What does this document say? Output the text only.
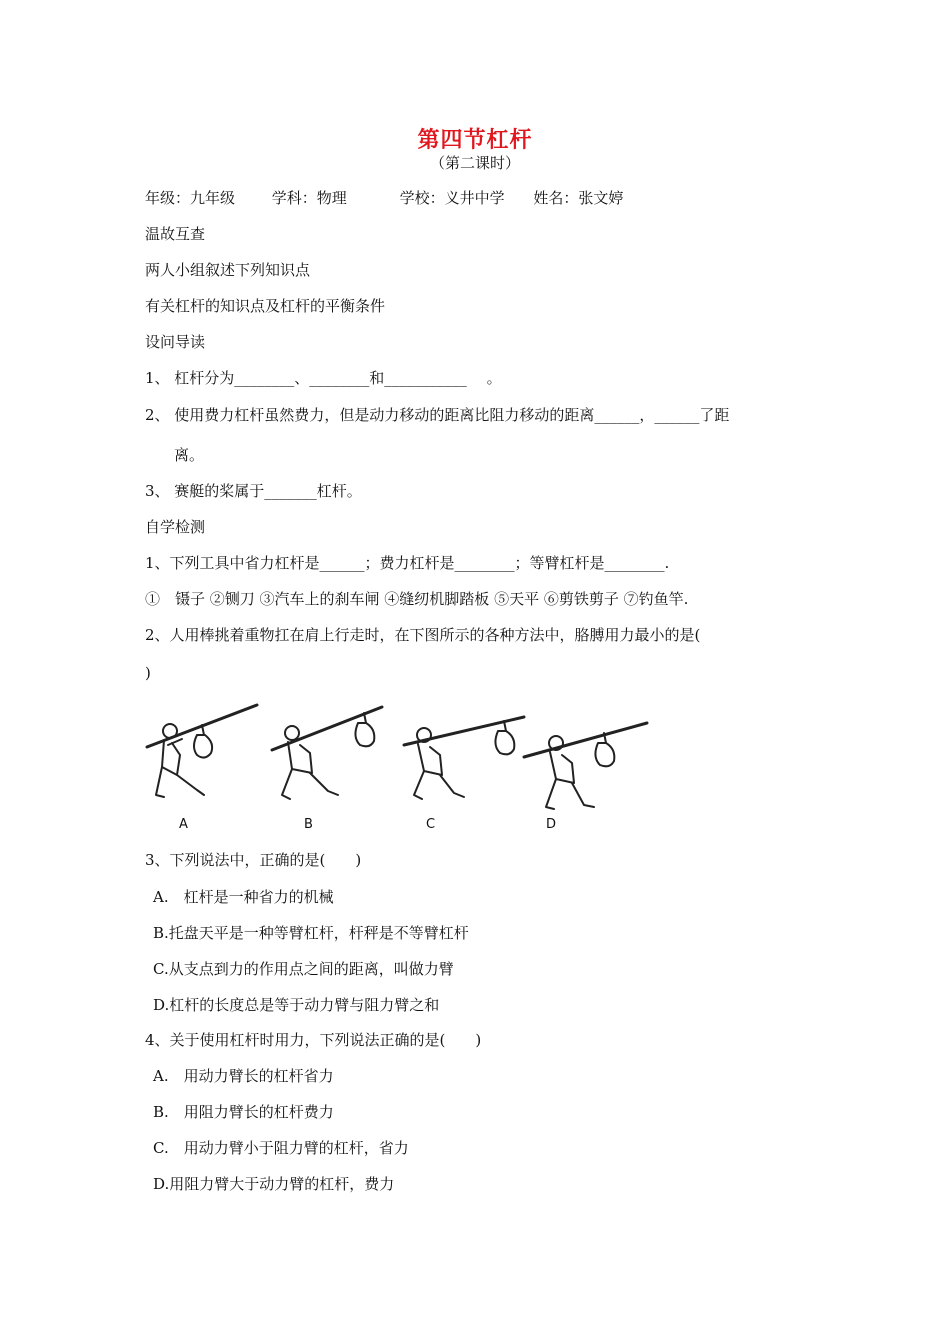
第四节杠杆
（第二课时）
年级：九年级 学科：物理	学校：义井中学 姓名：张文婷
温故互查
两人小组叙述下列知识点
有关杠杆的知识点及杠杆的平衡条件
设问导读
1、 杠杆分为________、________和___________　 。
2、 使用费力杠杆虽然费力，但是动力移动的距离比阻力移动的距离______，______了距
离。
3、 赛艇的桨属于_______杠杆。
自学检测
1、下列工具中省力杠杆是______；费力杠杆是________；等臂杠杆是________.
①　镊子 ②铡刀 ③汽车上的刹车闸 ④缝纫机脚踏板 ⑤天平 ⑥剪铁剪子 ⑦钓鱼竿.
2、人用棒挑着重物扛在肩上行走时，在下图所示的各种方法中，胳膊用力最小的是(
)
A	B	C	D
3、下列说法中，正确的是(　　)
A.　杠杆是一种省力的机械
B.托盘天平是一种等臂杠杆，杆秤是不等臂杠杆
C.从支点到力的作用点之间的距离，叫做力臂
D.杠杆的长度总是等于动力臂与阻力臂之和
4、关于使用杠杆时用力，下列说法正确的是(　　)
A.　用动力臂长的杠杆省力
B.　用阻力臂长的杠杆费力
C.　用动力臂小于阻力臂的杠杆，省力
D.用阻力臂大于动力臂的杠杆，费力
